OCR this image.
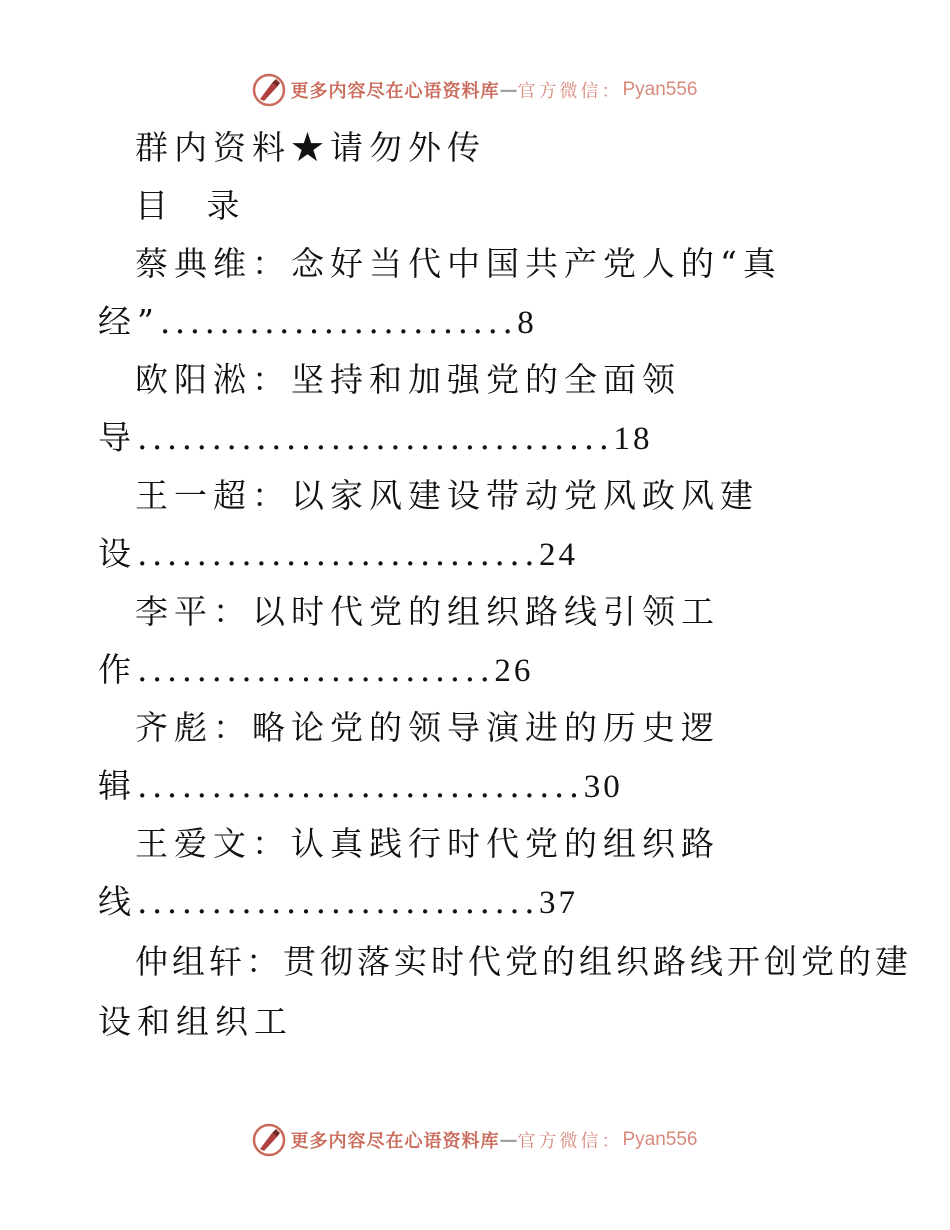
更多内容尽在心语资料库 — 官方微信： Pyan556
群内资料★请勿外传
目 录
蔡典维：念好当代中国共产党人的“真
经”........................8
欧阳淞：坚持和加强党的全面领
导................................18
王一超：以家风建设带动党风政风建
设...........................24
李平：以时代党的组织路线引领工
作........................26
齐彪：略论党的领导演进的历史逻
辑..............................30
王爱文：认真践行时代党的组织路
线...........................37
仲组轩：贯彻落实时代党的组织路线开创党的建
设和组织工
更多内容尽在心语资料库 — 官方微信： Pyan556
